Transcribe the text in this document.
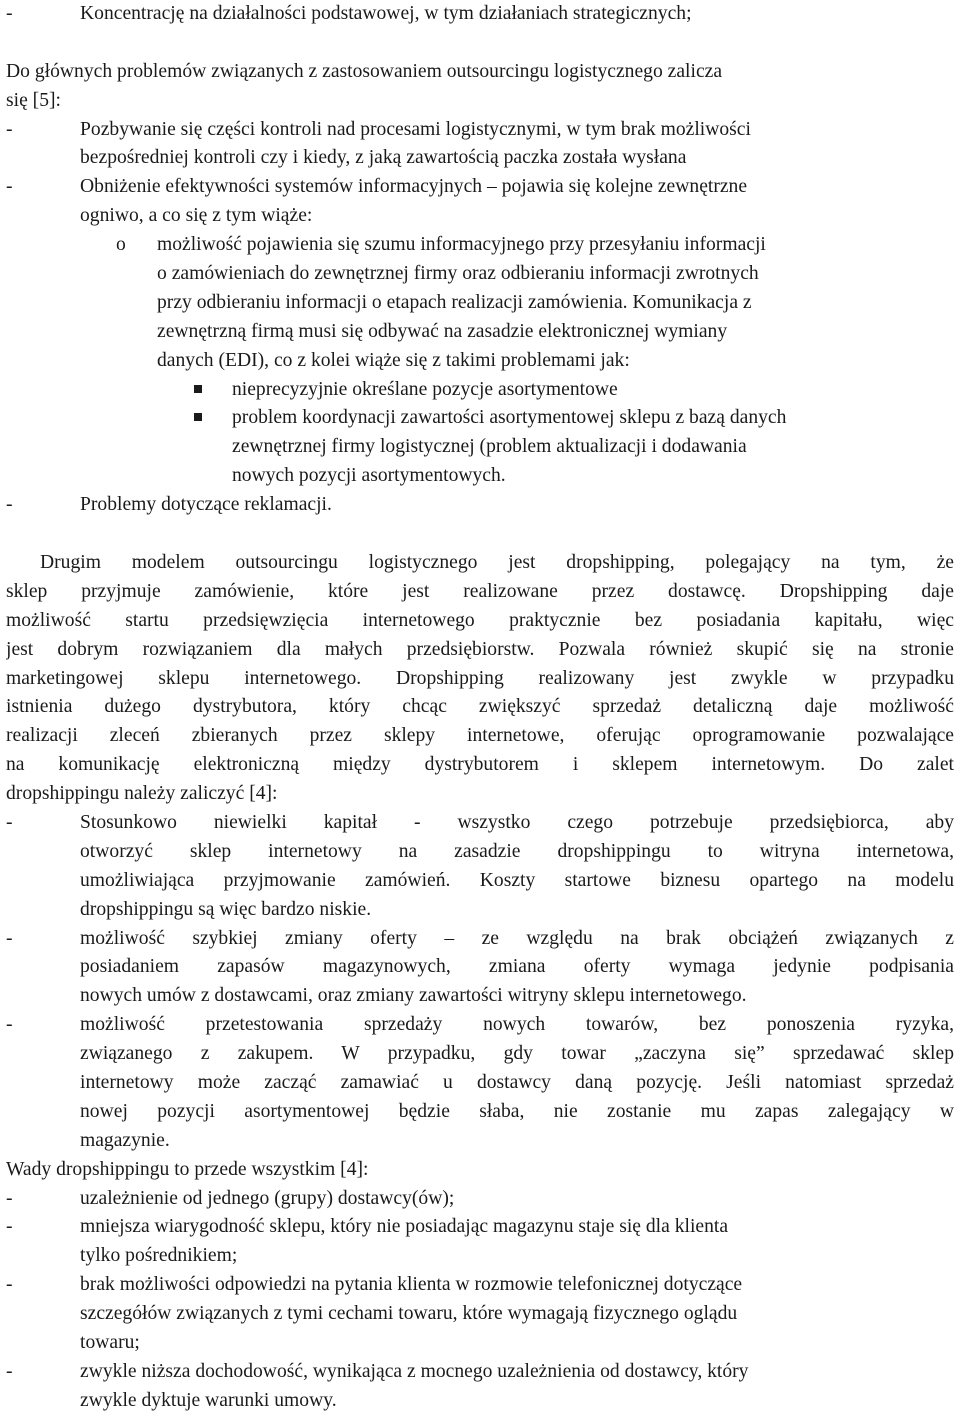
-	Koncentrację na działalności podstawowej, w tym działaniach strategicznych;
Do głównych problemów związanych z zastosowaniem outsourcingu logistycznego zalicza
się [5]:
-	Pozbywanie się części kontroli nad procesami logistycznymi, w tym brak możliwości
bezpośredniej kontroli czy i kiedy, z jaką zawartością paczka została wysłana
-	Obniżenie efektywności systemów informacyjnych – pojawia się kolejne zewnętrzne
ogniwo, a co się z tym wiąże:
o	możliwość pojawienia się szumu informacyjnego przy przesyłaniu informacji
o zamówieniach do zewnętrznej firmy oraz odbieraniu informacji zwrotnych
przy odbieraniu informacji o etapach realizacji zamówienia. Komunikacja z
zewnętrzną firmą musi się odbywać na zasadzie elektronicznej wymiany
danych (EDI), co z kolei wiąże się z takimi problemami jak:
nieprecyzyjnie określane pozycje asortymentowe
problem koordynacji zawartości asortymentowej sklepu z bazą danych
zewnętrznej firmy logistycznej (problem aktualizacji i dodawania
nowych pozycji asortymentowych.
-	Problemy dotyczące reklamacji.
Drugim modelem outsourcingu logistycznego jest dropshipping, polegający na tym, że
sklep przyjmuje zamówienie, które jest realizowane przez dostawcę. Dropshipping daje
możliwość startu przedsięwzięcia internetowego praktycznie bez posiadania kapitału, więc
jest dobrym rozwiązaniem dla małych przedsiębiorstw. Pozwala również skupić się na stronie
marketingowej sklepu internetowego. Dropshipping realizowany jest zwykle w przypadku
istnienia dużego dystrybutora, który chcąc zwiększyć sprzedaż detaliczną daje możliwość
realizacji zleceń zbieranych przez sklepy internetowe, oferując oprogramowanie pozwalające
na komunikację elektroniczną między dystrybutorem i sklepem internetowym. Do zalet
dropshippingu należy zaliczyć [4]:
-	Stosunkowo niewielki kapitał - wszystko czego potrzebuje przedsiębiorca, aby
otworzyć sklep internetowy na zasadzie dropshippingu to witryna internetowa,
umożliwiająca przyjmowanie zamówień. Koszty startowe biznesu opartego na modelu
dropshippingu są więc bardzo niskie.
-	możliwość szybkiej zmiany oferty – ze względu na brak obciążeń związanych z
posiadaniem zapasów magazynowych, zmiana oferty wymaga jedynie podpisania
nowych umów z dostawcami, oraz zmiany zawartości witryny sklepu internetowego.
-	możliwość przetestowania sprzedaży nowych towarów, bez ponoszenia ryzyka,
związanego z zakupem. W przypadku, gdy towar „zaczyna się” sprzedawać sklep
internetowy może zacząć zamawiać u dostawcy daną pozycję. Jeśli natomiast sprzedaż
nowej pozycji asortymentowej będzie słaba, nie zostanie mu zapas zalegający w
magazynie.
Wady dropshippingu to przede wszystkim [4]:
-	uzależnienie od jednego (grupy) dostawcy(ów);
-	mniejsza wiarygodność sklepu, który nie posiadając magazynu staje się dla klienta
tylko pośrednikiem;
-	brak możliwości odpowiedzi na pytania klienta w rozmowie telefonicznej dotyczące
szczegółów związanych z tymi cechami towaru, które wymagają fizycznego oglądu
towaru;
-	zwykle niższa dochodowość, wynikająca z mocnego uzależnienia od dostawcy, który
zwykle dyktuje warunki umowy.
